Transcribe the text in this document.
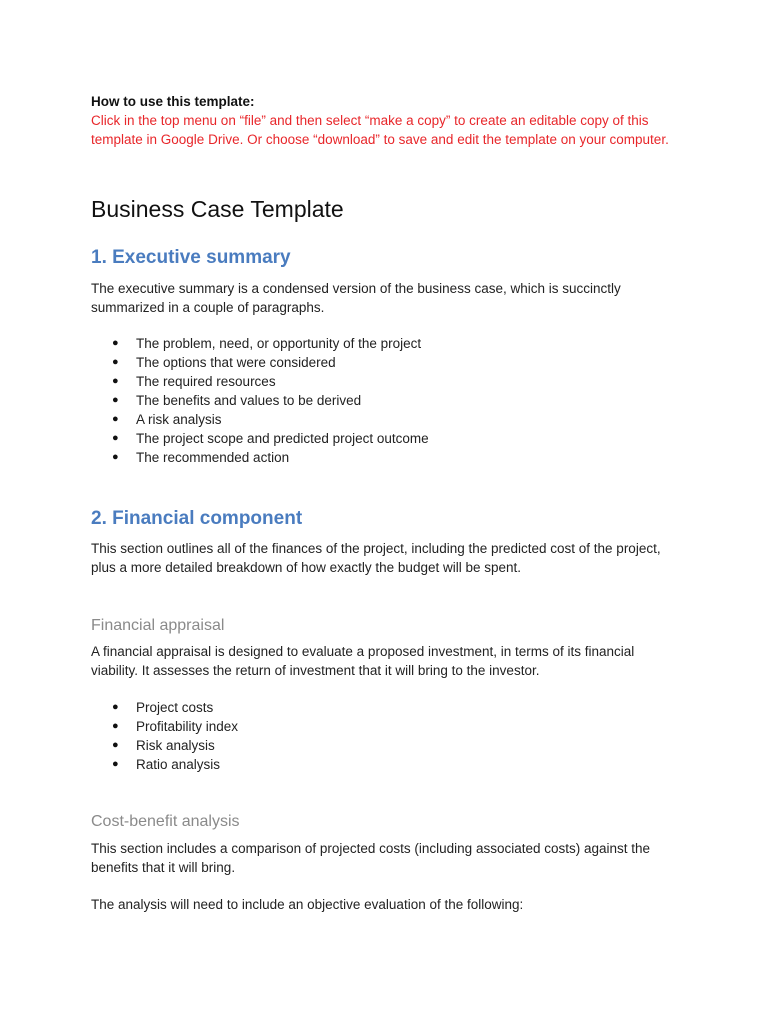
How to use this template:
Click in the top menu on “file” and then select “make a copy” to create an editable copy of this template in Google Drive. Or choose “download” to save and edit the template on your computer.
Business Case Template
1. Executive summary
The executive summary is a condensed version of the business case, which is succinctly summarized in a couple of paragraphs.
● The problem, need, or opportunity of the project
● The options that were considered
● The required resources
● The benefits and values to be derived
● A risk analysis
● The project scope and predicted project outcome
● The recommended action
2. Financial component
This section outlines all of the finances of the project, including the predicted cost of the project, plus a more detailed breakdown of how exactly the budget will be spent.
Financial appraisal
A financial appraisal is designed to evaluate a proposed investment, in terms of its financial viability. It assesses the return of investment that it will bring to the investor.
● Project costs
● Profitability index
● Risk analysis
● Ratio analysis
Cost-benefit analysis
This section includes a comparison of projected costs (including associated costs) against the benefits that it will bring.
The analysis will need to include an objective evaluation of the following:
